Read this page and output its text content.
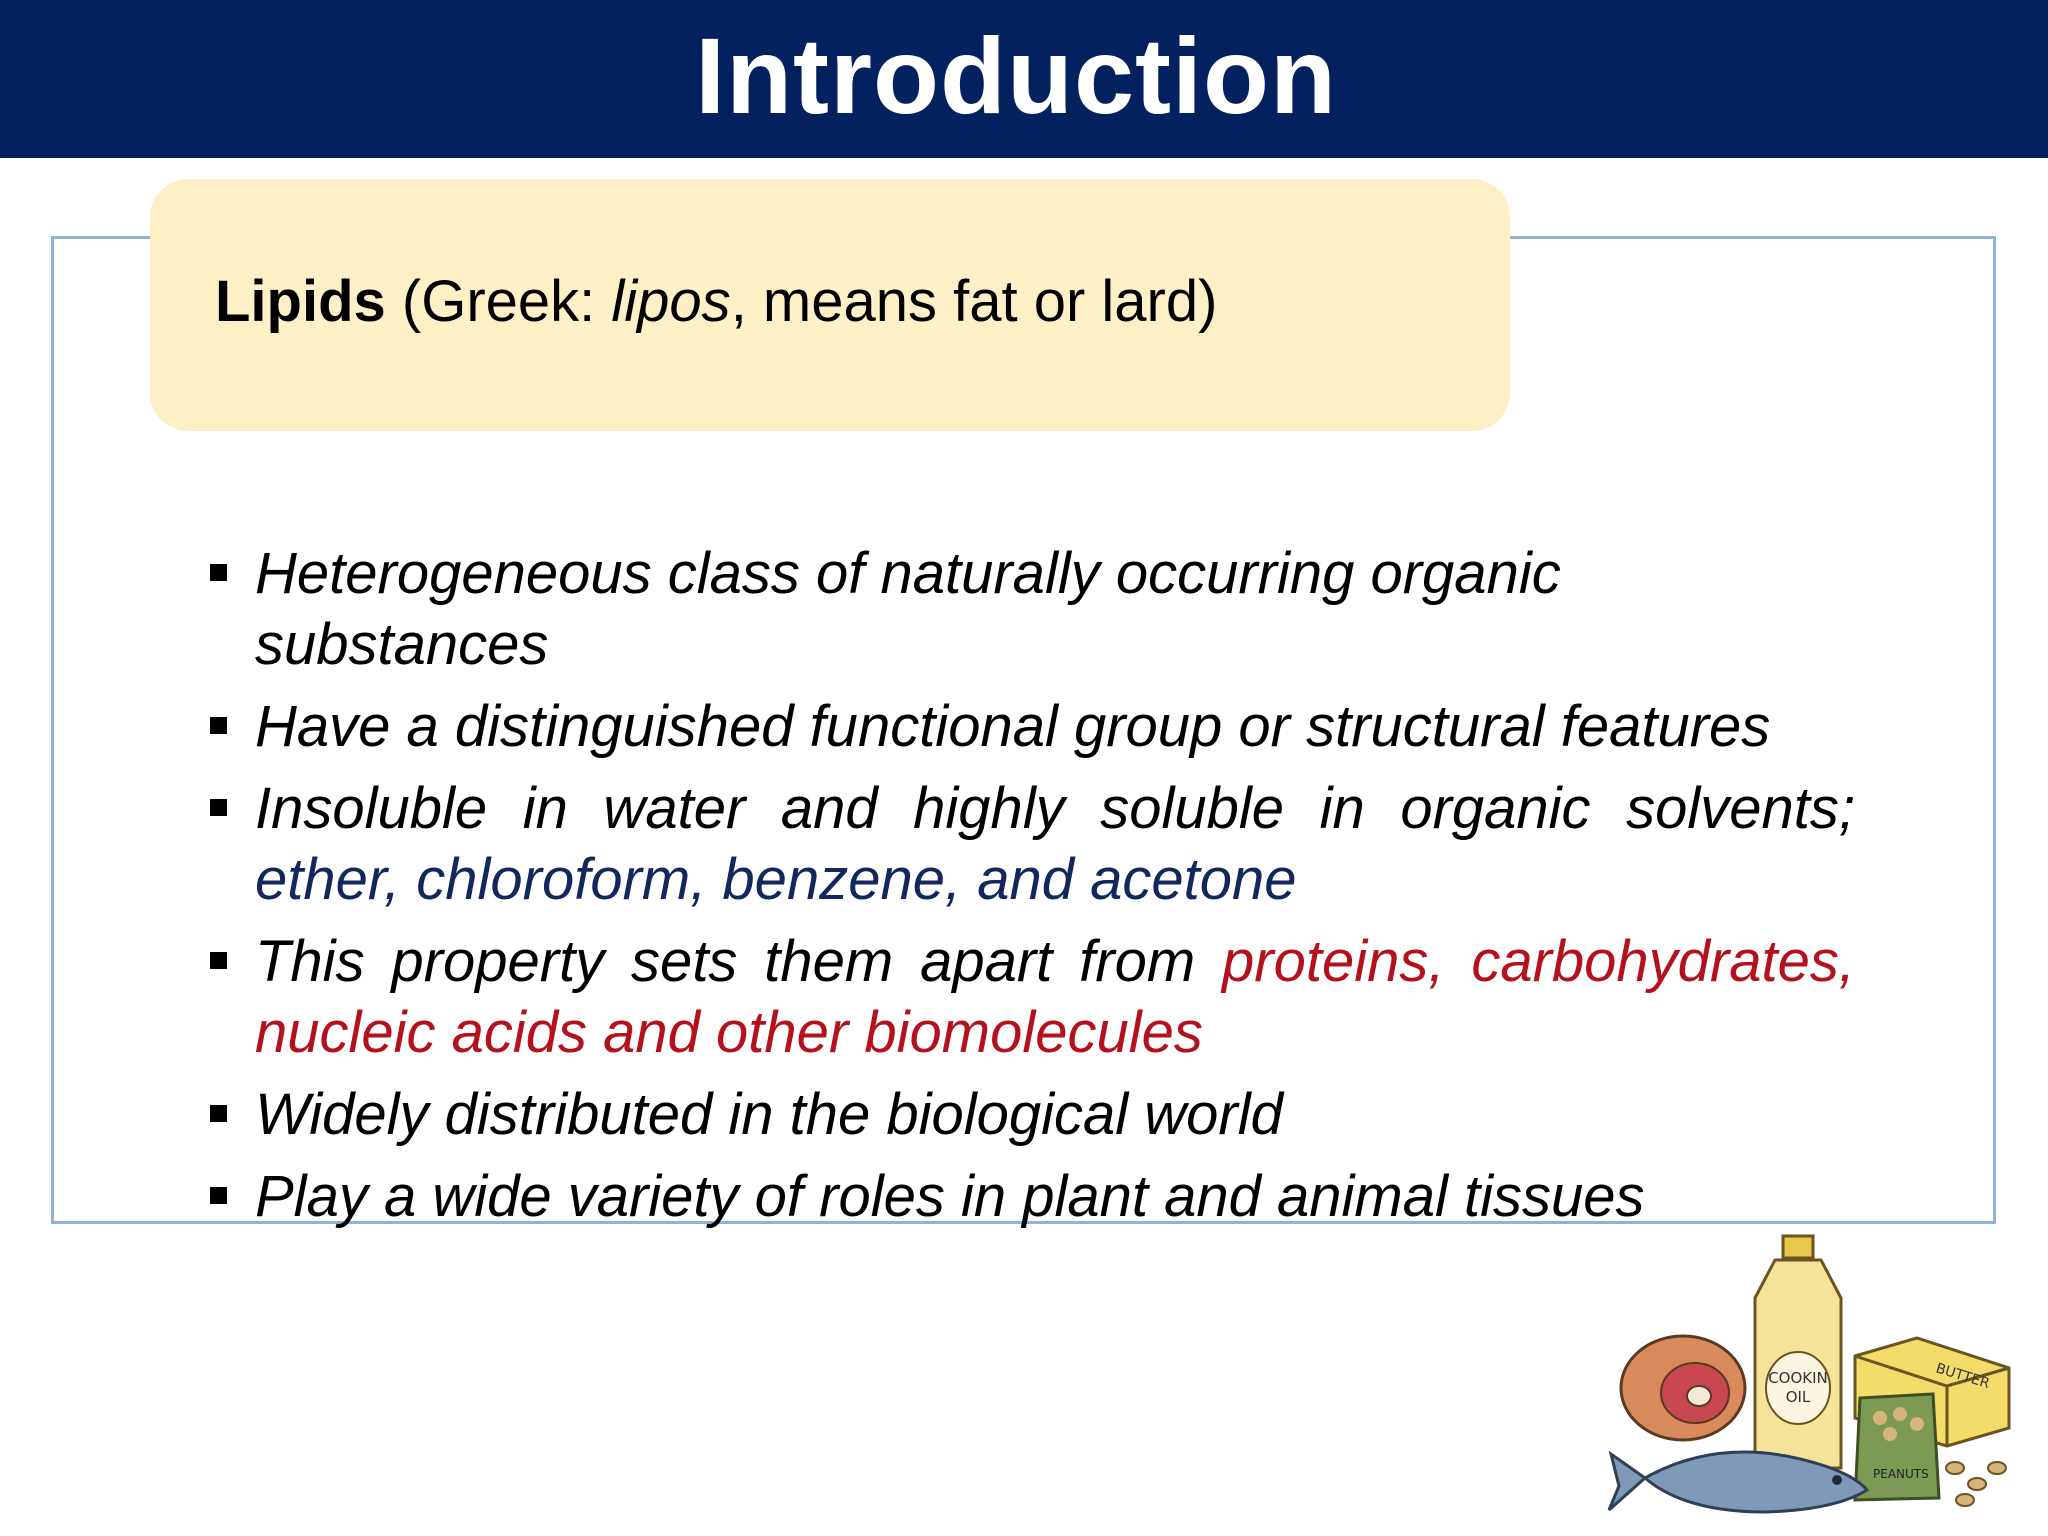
Introduction
Lipids (Greek: lipos, means fat or lard)
Heterogeneous class of naturally occurring organic substances
Have a distinguished functional group or structural features
Insoluble in water and highly soluble in organic solvents; ether, chloroform, benzene, and acetone
This property sets them apart from proteins, carbohydrates, nucleic acids and other biomolecules
Widely distributed in the biological world
Play a wide variety of roles in plant and animal tissues
COOKIN
OIL
BUTTER
PEANUTS
